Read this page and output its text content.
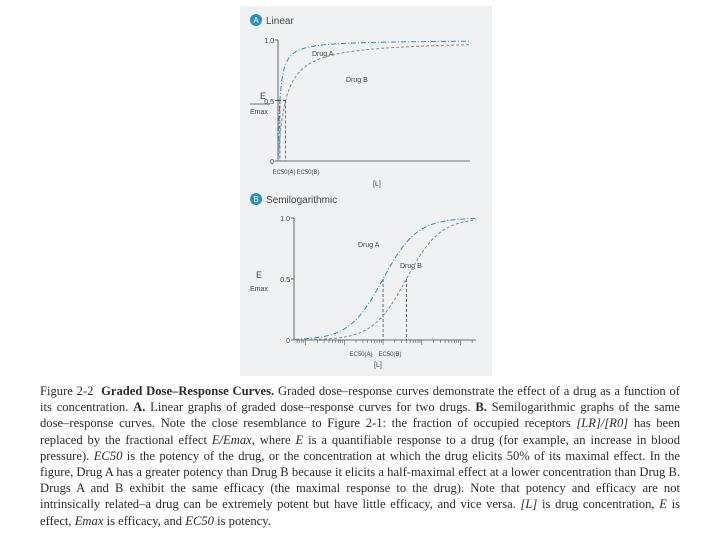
A Linear
E
Emax
1.0
0.5
0
EC50(A) EC50(B)
[L]
Drug A
Drug B
B Semilogarithmic
E
Emax
1.0
0.5
0
EC50(A) EC50(B)
[L]
Drug A
Drug B

Figure 2-2 Graded Dose–Response Curves. Graded dose–response curves demonstrate the effect of a drug as a function of its concentration. A. Linear graphs of graded dose–response curves for two drugs. B. Semilogarithmic graphs of the same dose–response curves. Note the close resemblance to Figure 2-1: the fraction of occupied receptors [LR]/[R0] has been replaced by the fractional effect E/Emax, where E is a quantifiable response to a drug (for example, an increase in blood pressure). EC50 is the potency of the drug, or the concentration at which the drug elicits 50% of its maximal effect. In the figure, Drug A has a greater potency than Drug B because it elicits a half-maximal effect at a lower concentration than Drug B. Drugs A and B exhibit the same efficacy (the maximal response to the drug). Note that potency and efficacy are not intrinsically related–a drug can be extremely potent but have little efficacy, and vice versa. [L] is drug concentration, E is effect, Emax is efficacy, and EC50 is potency.
